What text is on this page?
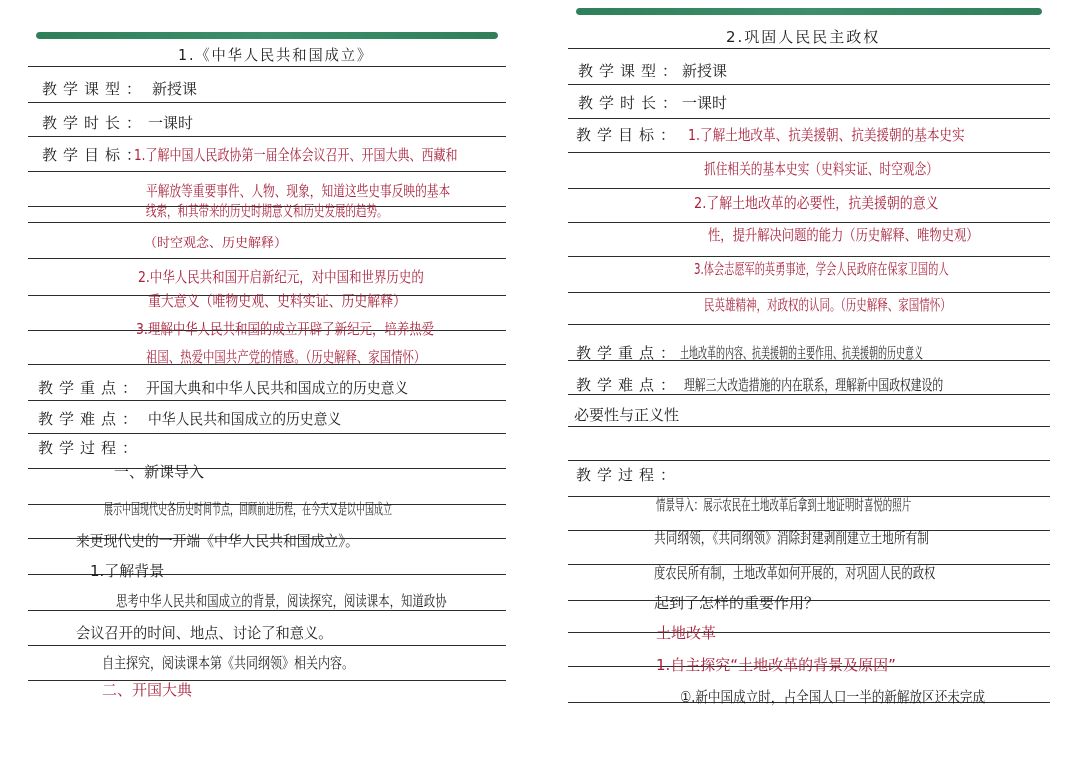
1.《中华人民共和国成立》
教学课型： 新授课
教学时长： 一课时
教学目标：
1.了解中国人民政协第一届全体会议召开、开国大典、西藏和
平解放等重要事件、人物、现象，知道这些史事反映的基本
线索，和其带来的历史时期意义和历史发展的趋势。
（时空观念、历史解释）
2.中华人民共和国开启新纪元，对中国和世界历史的
重大意义（唯物史观、史料实证、历史解释）
3.理解中华人民共和国的成立开辟了新纪元，培养热爱
祖国、热爱中国共产党的情感。（历史解释、家国情怀）
教学重点： 开国大典和中华人民共和国成立的历史意义
教学难点： 中华人民共和国成立的历史意义
教学过程：
一、新课导入
展示中国现代史各历史时间节点，回顾前进历程，在今天又是以中国成立
来更现代史的一开端《中华人民共和国成立》。
1.了解背景
思考中华人民共和国成立的背景，阅读探究，阅读课本，知道政协
会议召开的时间、地点、讨论了和意义。
自主探究，阅读课本第《共同纲领》相关内容。
二、开国大典
2.巩固人民民主政权
教学课型：
新授课
教学时长：
一课时
教学目标： 1.了解土地改革、抗美援朝、抗美援朝的基本史实
抓住相关的基本史实（史料实证、时空观念）
2.了解土地改革的必要性，抗美援朝的意义
性，提升解决问题的能力（历史解释、唯物史观）
3.体会志愿军的英勇事迹，学会人民政府在保家卫国的人
民英雄精神，对政权的认同。（历史解释、家国情怀）
教学重点：
土地改革的内容、抗美援朝的主要作用、抗美援朝的历史意义
教学难点： 理解三大改造措施的内在联系，理解新中国政权建设的
必要性与正义性
教学过程：
情景导入：展示农民在土地改革后拿到土地证明时喜悦的照片
共同纲领，《共同纲领》消除封建剥削建立土地所有制
度农民所有制，土地改革如何开展的，对巩固人民的政权
起到了怎样的重要作用？
土地改革
1.自主探究“土地改革的背景及原因”
①.新中国成立时，占全国人口一半的新解放区还未完成
